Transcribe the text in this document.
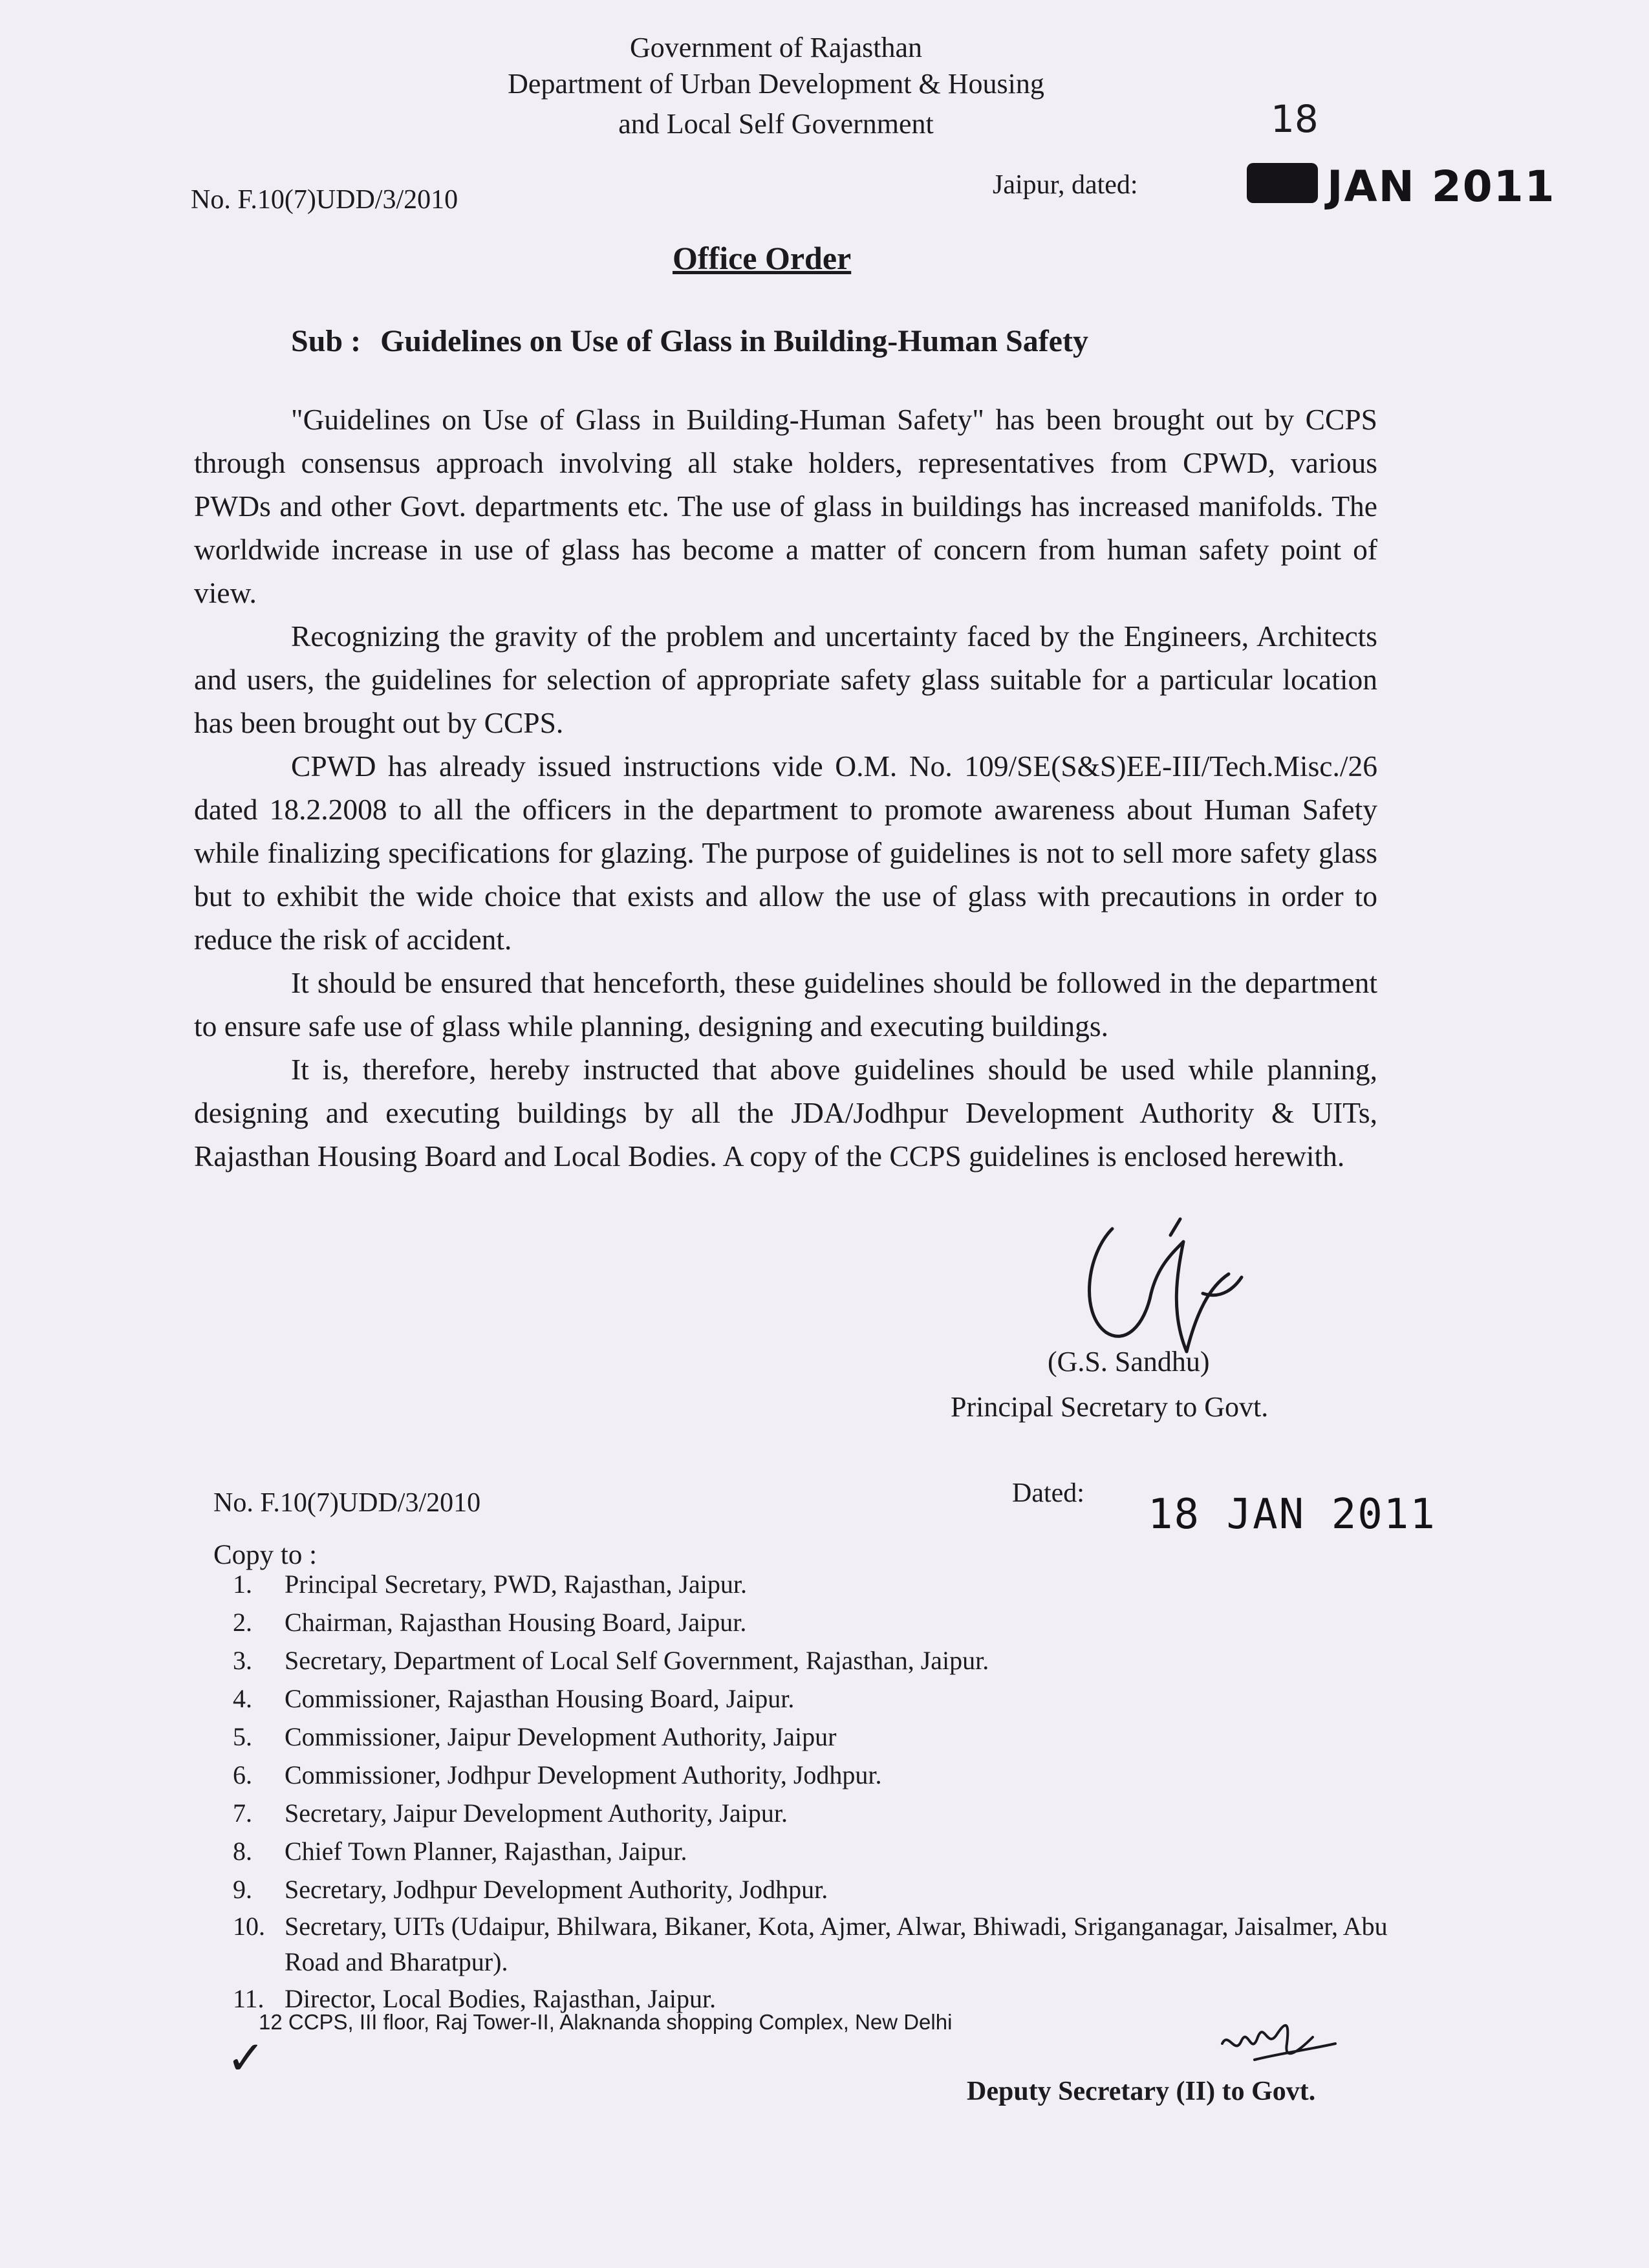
Government of Rajasthan
Department of Urban Development & Housing
and Local Self Government
No. F.10(7)UDD/3/2010	Jaipur, dated:
18
JAN 2011
Office Order
Sub : Guidelines on Use of Glass in Building-Human Safety

"Guidelines on Use of Glass in Building-Human Safety" has been brought out by CCPS through consensus approach involving all stake holders, representatives from CPWD, various PWDs and other Govt. departments etc. The use of glass in buildings has increased manifolds. The worldwide increase in use of glass has become a matter of concern from human safety point of view.

Recognizing the gravity of the problem and uncertainty faced by the Engineers, Architects and users, the guidelines for selection of appropriate safety glass suitable for a particular location has been brought out by CCPS.

CPWD has already issued instructions vide O.M. No. 109/SE(S&S)EE-III/Tech.Misc./26 dated 18.2.2008 to all the officers in the department to promote awareness about Human Safety while finalizing specifications for glazing. The purpose of guidelines is not to sell more safety glass but to exhibit the wide choice that exists and allow the use of glass with precautions in order to reduce the risk of accident.

It should be ensured that henceforth, these guidelines should be followed in the department to ensure safe use of glass while planning, designing and executing buildings.

It is, therefore, hereby instructed that above guidelines should be used while planning, designing and executing buildings by all the JDA/Jodhpur Development Authority & UITs, Rajasthan Housing Board and Local Bodies. A copy of the CCPS guidelines is enclosed herewith.

(G.S. Sandhu)
Principal Secretary to Govt.
No. F.10(7)UDD/3/2010	Dated: 18 JAN 2011
Copy to :
1.	Principal Secretary, PWD, Rajasthan, Jaipur.
2.	Chairman, Rajasthan Housing Board, Jaipur.
3.	Secretary, Department of Local Self Government, Rajasthan, Jaipur.
4.	Commissioner, Rajasthan Housing Board, Jaipur.
5.	Commissioner, Jaipur Development Authority, Jaipur
6.	Commissioner, Jodhpur Development Authority, Jodhpur.
7.	Secretary, Jaipur Development Authority, Jaipur.
8.	Chief Town Planner, Rajasthan, Jaipur.
9.	Secretary, Jodhpur Development Authority, Jodhpur.
10. Secretary, UITs (Udaipur, Bhilwara, Bikaner, Kota, Ajmer, Alwar, Bhiwadi, Sriganganagar, Jaisalmer, Abu Road and Bharatpur).
11. Director, Local Bodies, Rajasthan, Jaipur.
12 CCPS, III floor, Raj Tower-II, Alaknanda shopping Complex, New Delhi
✓
Deputy Secretary (II) to Govt.
